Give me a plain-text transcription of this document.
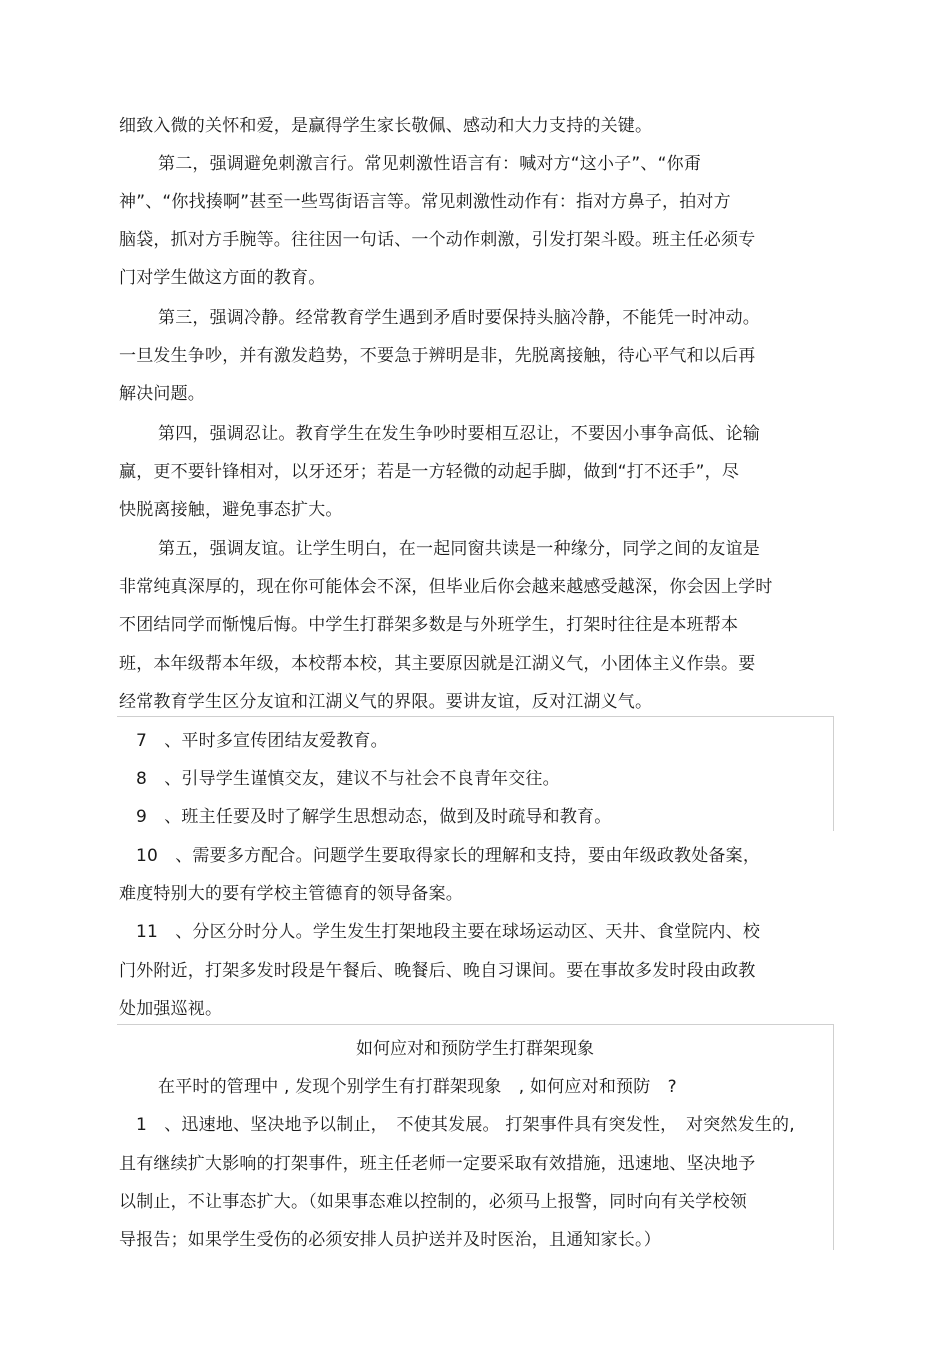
细致入微的关怀和爱，是赢得学生家长敬佩、感动和大力支持的关键。
第二，强调避免刺激言行。常见刺激性语言有：喊对方“这小子”、“你甭
神”、“你找揍啊”甚至一些骂街语言等。常见刺激性动作有：指对方鼻子，拍对方
脑袋，抓对方手腕等。往往因一句话、一个动作刺激，引发打架斗殴。班主任必须专
门对学生做这方面的教育。
第三，强调冷静。经常教育学生遇到矛盾时要保持头脑冷静，不能凭一时冲动。
一旦发生争吵，并有激发趋势，不要急于辨明是非，先脱离接触，待心平气和以后再
解决问题。
第四，强调忍让。教育学生在发生争吵时要相互忍让，不要因小事争高低、论输
赢，更不要针锋相对，以牙还牙；若是一方轻微的动起手脚，做到“打不还手”，尽
快脱离接触，避免事态扩大。
第五，强调友谊。让学生明白，在一起同窗共读是一种缘分，同学之间的友谊是
非常纯真深厚的，现在你可能体会不深，但毕业后你会越来越感受越深，你会因上学时
不团结同学而惭愧后悔。中学生打群架多数是与外班学生，打架时往往是本班帮本
班，本年级帮本年级，本校帮本校，其主要原因就是江湖义气，小团体主义作祟。要
经常教育学生区分友谊和江湖义气的界限。要讲友谊，反对江湖义气。
7　、平时多宣传团结友爱教育。
8　、引导学生谨慎交友，建议不与社会不良青年交往。
9　、班主任要及时了解学生思想动态，做到及时疏导和教育。
10　、需要多方配合。问题学生要取得家长的理解和支持，要由年级政教处备案，
难度特别大的要有学校主管德育的领导备案。
11　、分区分时分人。学生发生打架地段主要在球场运动区、天井、食堂院内、校
门外附近，打架多发时段是午餐后、晚餐后、晚自习课间。要在事故多发时段由政教
处加强巡视。
如何应对和预防学生打群架现象
在平时的管理中 , 发现个别学生有打群架现象　, 如何应对和预防　?
1　、迅速地、坚决地予以制止，　不使其发展。 打架事件具有突发性，　对突然发生的,
且有继续扩大影响的打架事件，班主任老师一定要采取有效措施，迅速地、坚决地予
以制止，不让事态扩大。（如果事态难以控制的，必须马上报警，同时向有关学校领
导报告；如果学生受伤的必须安排人员护送并及时医治，且通知家长。）
